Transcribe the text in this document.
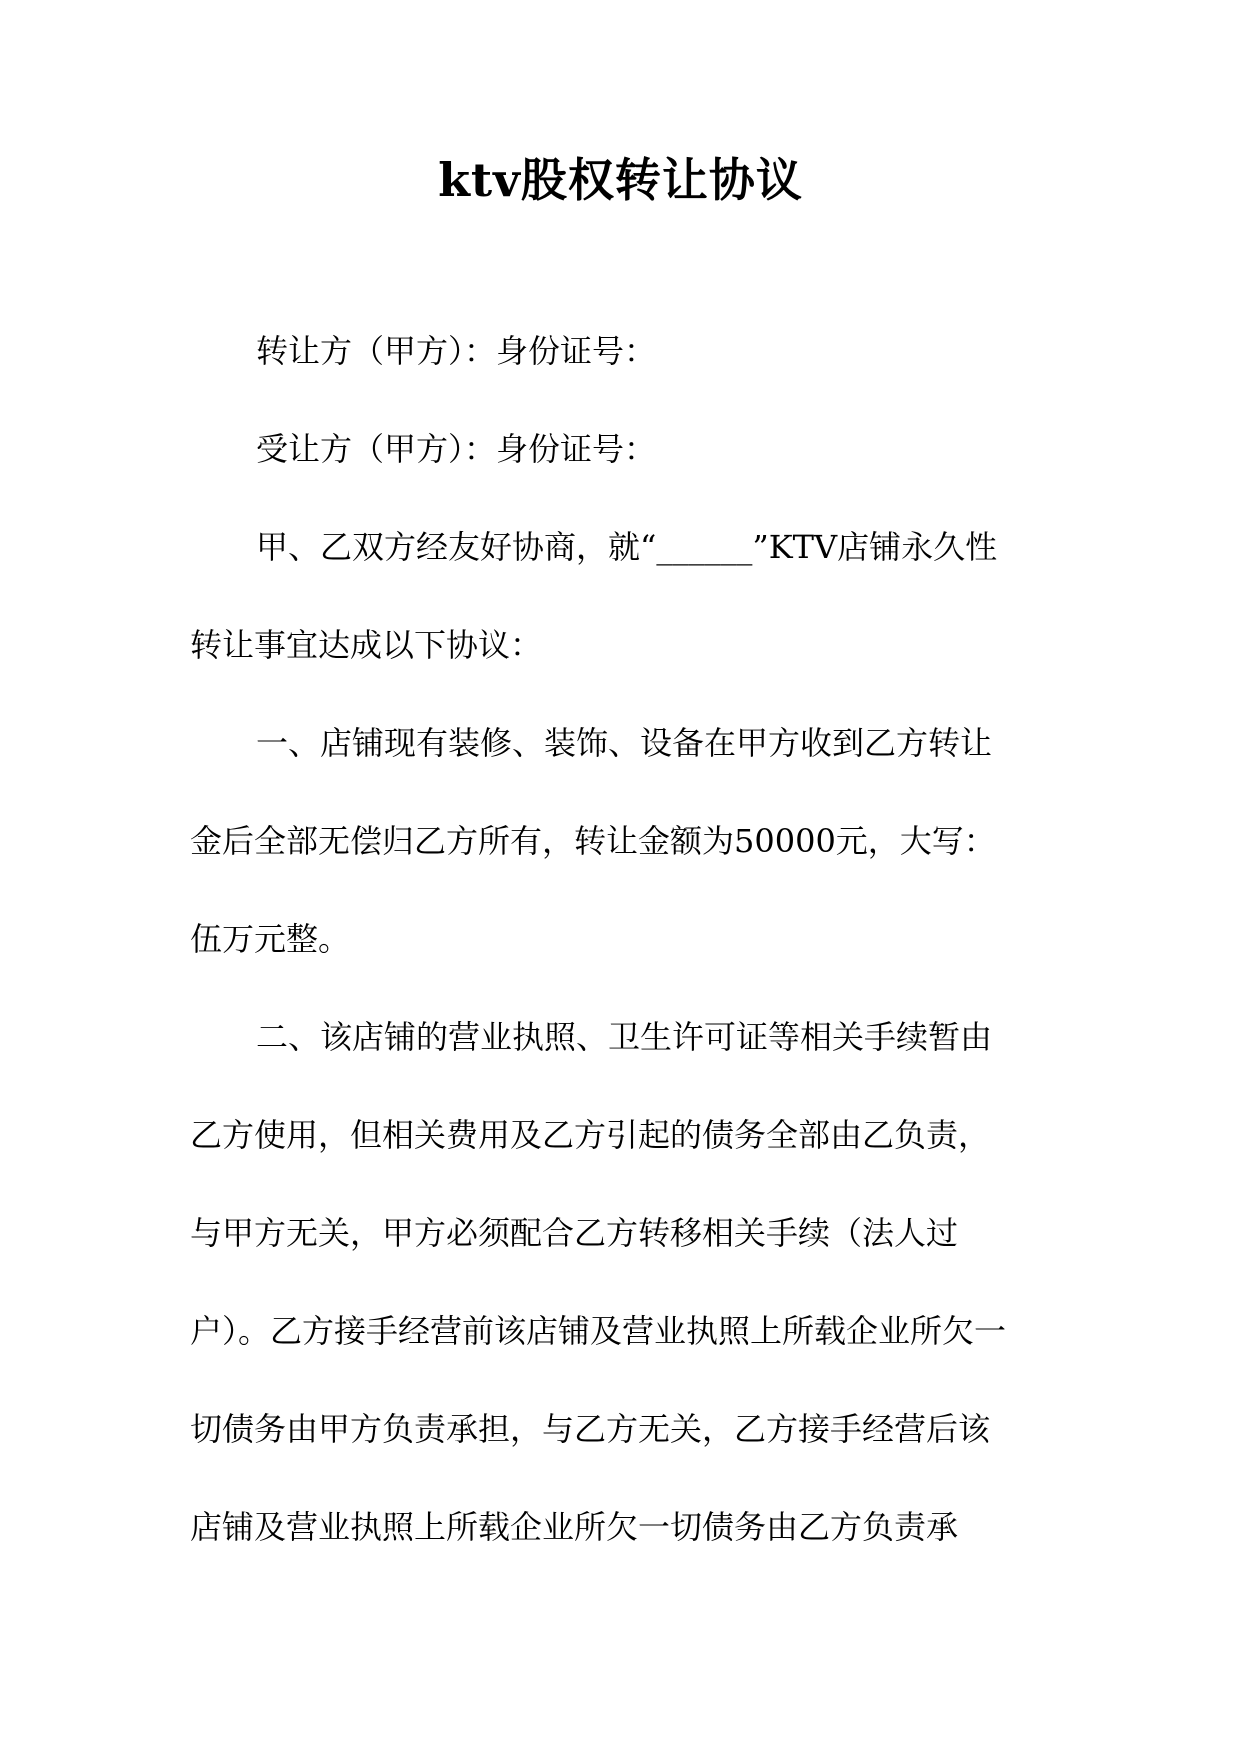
ktv股权转让协议
转让方（甲方）：身份证号：
受让方（甲方）：身份证号：
甲、乙双方经友好协商，就“______”KTV店铺永久性
转让事宜达成以下协议：
一、店铺现有装修、装饰、设备在甲方收到乙方转让
金后全部无偿归乙方所有，转让金额为50000元，大写：
伍万元整。
二、该店铺的营业执照、卫生许可证等相关手续暂由
乙方使用，但相关费用及乙方引起的债务全部由乙负责，
与甲方无关，甲方必须配合乙方转移相关手续（法人过
户）。乙方接手经营前该店铺及营业执照上所载企业所欠一
切债务由甲方负责承担，与乙方无关，乙方接手经营后该
店铺及营业执照上所载企业所欠一切债务由乙方负责承
